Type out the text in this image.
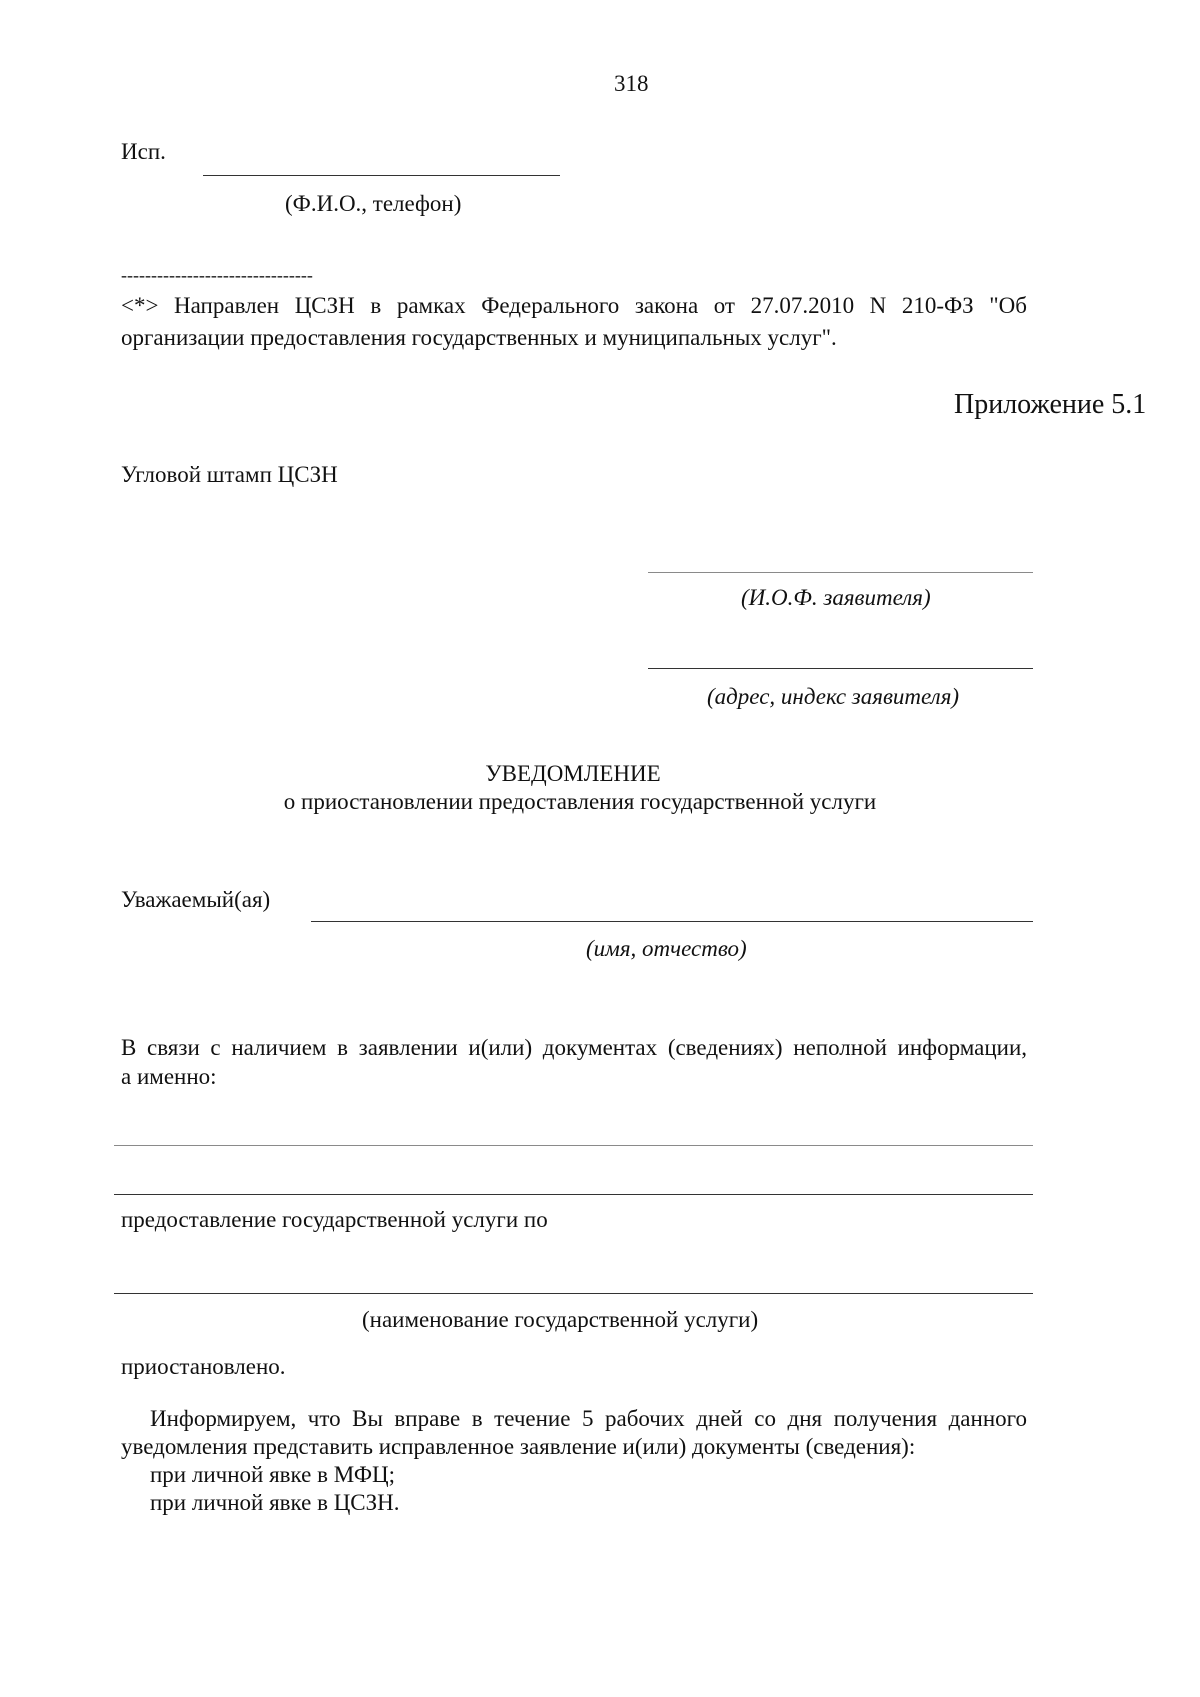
318
Исп.
(Ф.И.О., телефон)
--------------------------------
<*> Направлен ЦСЗН в рамках Федерального закона от 27.07.2010 N 210-ФЗ "Об
организации предоставления государственных и муниципальных услуг".
Приложение 5.1
Угловой штамп ЦСЗН
(И.О.Ф. заявителя)
(адрес, индекс заявителя)
УВЕДОМЛЕНИЕ
о приостановлении предоставления государственной услуги
Уважаемый(ая)
(имя, отчество)
В связи с наличием в заявлении и(или) документах (сведениях) неполной информации,
а именно:
предоставление государственной услуги по
(наименование государственной услуги)
приостановлено.
Информируем, что Вы вправе в течение 5 рабочих дней со дня получения данного
уведомления представить исправленное заявление и(или) документы (сведения):
при личной явке в МФЦ;
при личной явке в ЦСЗН.
